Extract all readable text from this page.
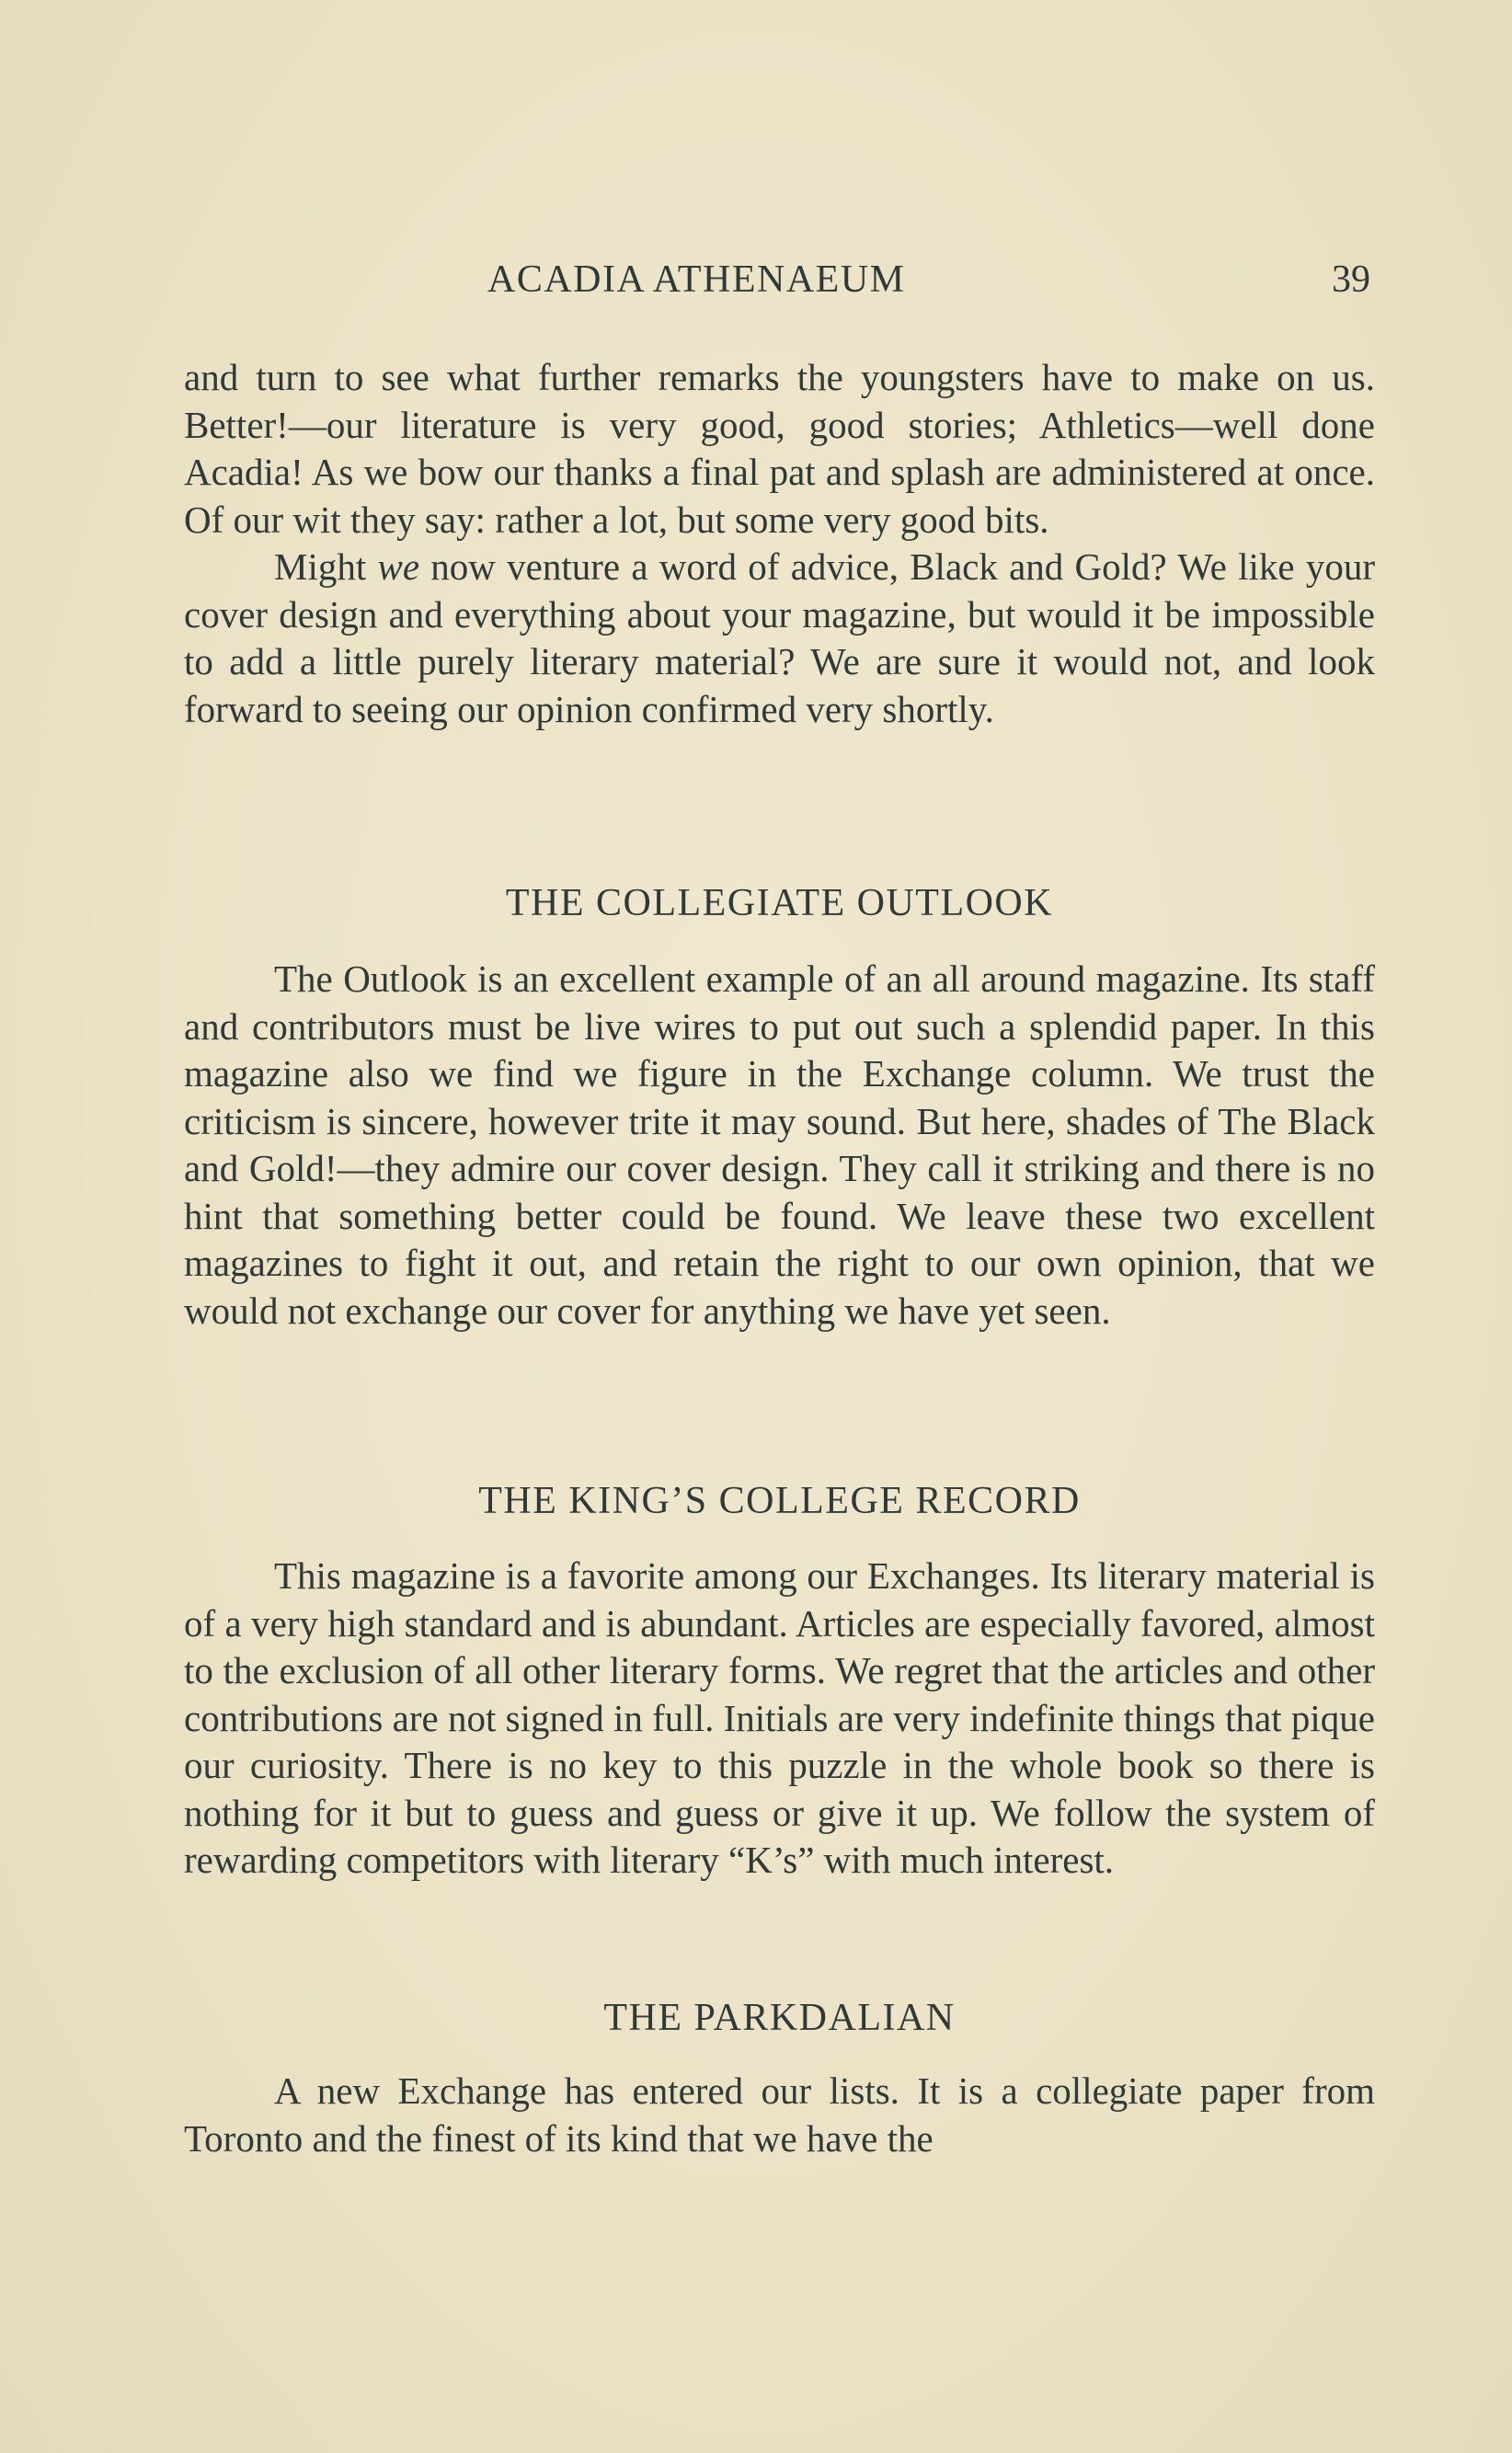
ACADIA ATHENAEUM	39

and turn to see what further remarks the youngsters have to make on us. Better!—our literature is very good, good stories; Athletics—well done Acadia! As we bow our thanks a final pat and splash are administered at once. Of our wit they say: rather a lot, but some very good bits.

Might we now venture a word of advice, Black and Gold? We like your cover design and everything about your magazine, but would it be impossible to add a little purely literary material? We are sure it would not, and look forward to seeing our opinion confirmed very shortly.

THE COLLEGIATE OUTLOOK

The Outlook is an excellent example of an all around magazine. Its staff and contributors must be live wires to put out such a splendid paper. In this magazine also we find we figure in the Exchange column. We trust the criticism is sincere, however trite it may sound. But here, shades of The Black and Gold!—they admire our cover design. They call it striking and there is no hint that something better could be found. We leave these two excellent magazines to fight it out, and retain the right to our own opinion, that we would not exchange our cover for anything we have yet seen.

THE KING’S COLLEGE RECORD

This magazine is a favorite among our Exchanges. Its literary material is of a very high standard and is abundant. Articles are especially favored, almost to the exclusion of all other literary forms. We regret that the articles and other contributions are not signed in full. Initials are very indefinite things that pique our curiosity. There is no key to this puzzle in the whole book so there is nothing for it but to guess and guess or give it up. We follow the system of rewarding competitors with literary “K’s” with much interest.

THE PARKDALIAN

A new Exchange has entered our lists. It is a collegiate paper from Toronto and the finest of its kind that we have the
